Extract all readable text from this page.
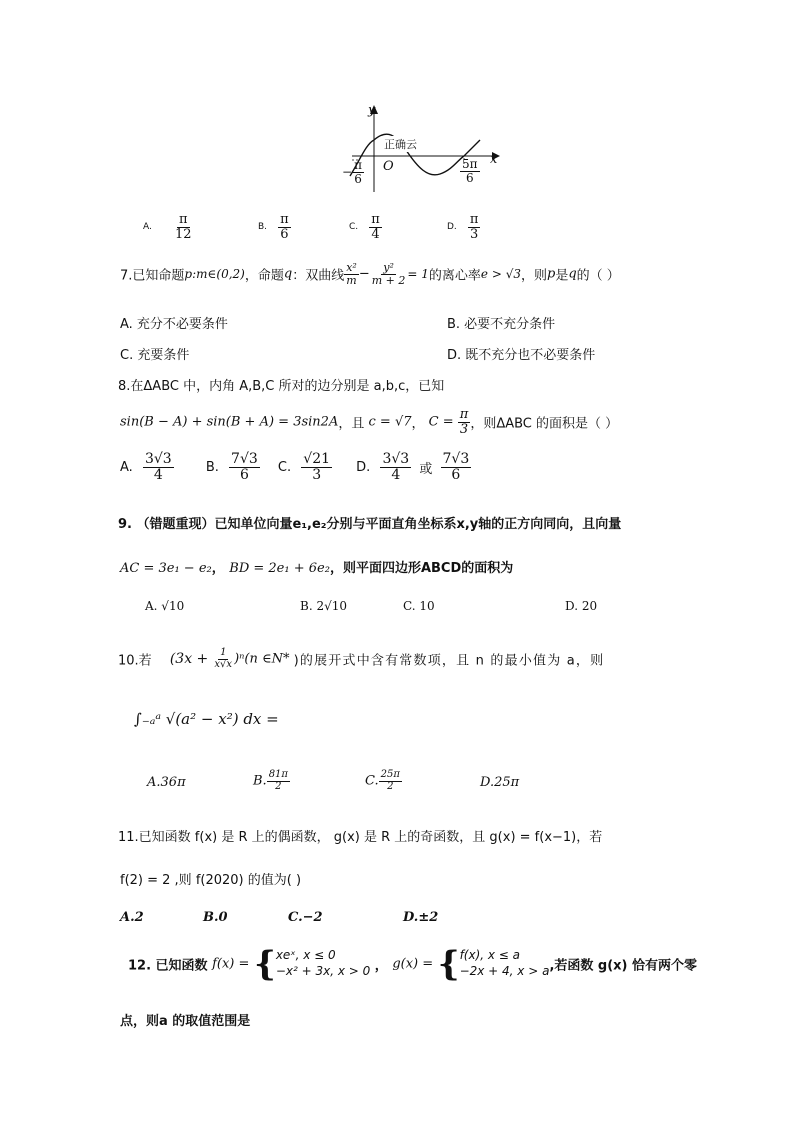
y
x
O
正确云
− $\frac{\pi}{6}$	$\frac{5\pi}{6}$
A. $\frac{\pi}{12}$	B. $\frac{\pi}{6}$	C. $\frac{\pi}{4}$	D. $\frac{\pi}{3}$
7.已知命题p:m∈(0,2)，命题q：双曲线 $\frac{\text{x²}}{m} - \frac{\text{y²}}{m + 2} = 1$的离心率e > √3，则p是q的（ ）
A. 充分不必要条件	B. 必要不充分条件
C. 充要条件	D. 既不充分也不必要条件
8.在ΔABC 中，内角 A,B,C 所对的边分别是 a,b,c，已知
sin(B − A) + sin(B + A) = 3sin2A，且 c = √7， $C = \frac{\pi}{3}$ ，则ΔABC 的面积是（ ）
A. $\frac{3√3}{4} B$. $\frac{7√3}{6} C$. $\frac{√21}{3} D$. $\frac{3√3}{4}$ 或 $\frac{7√3}{6}$
9. （错题重现）已知单位向量e₁,e₂分别与平面直角坐标系x,y轴的正方向同向，且向量
AC = 3e₁ − e₂， BD = 2e₁ + 6e₂，则平面四边形ABCD的面积为
A. √10	B. 2√10	C. 10	D. 20
10.若 $(3x + \frac{1}{x√x} )^n(n$ ∈N* )的展开式中含有常数项，且 n 的最小值为 a，则
∫₋ₐᵃ √(a² − x²) dx =
A.36π	B. $\frac{81\pi}{2}$	C. $\frac{25\pi}{2}$	D.25π
11.已知函数 f(x) 是 R 上的偶函数， g(x) 是 R 上的奇函数，且 g(x) = f(x−1)，若
f(2) = 2 ,则 f(2020) 的值为( )
A.2	B.0	C.−2	D.±2
12. 已知函数 f(x) = { xeˣ, x ≤ 0
−x² + 3x, x > 0 ， g(x) = { f(x), x ≤ a
−2x + 4, x > a ,若函数 g(x) 恰有两个零
点，则a 的取值范围是
